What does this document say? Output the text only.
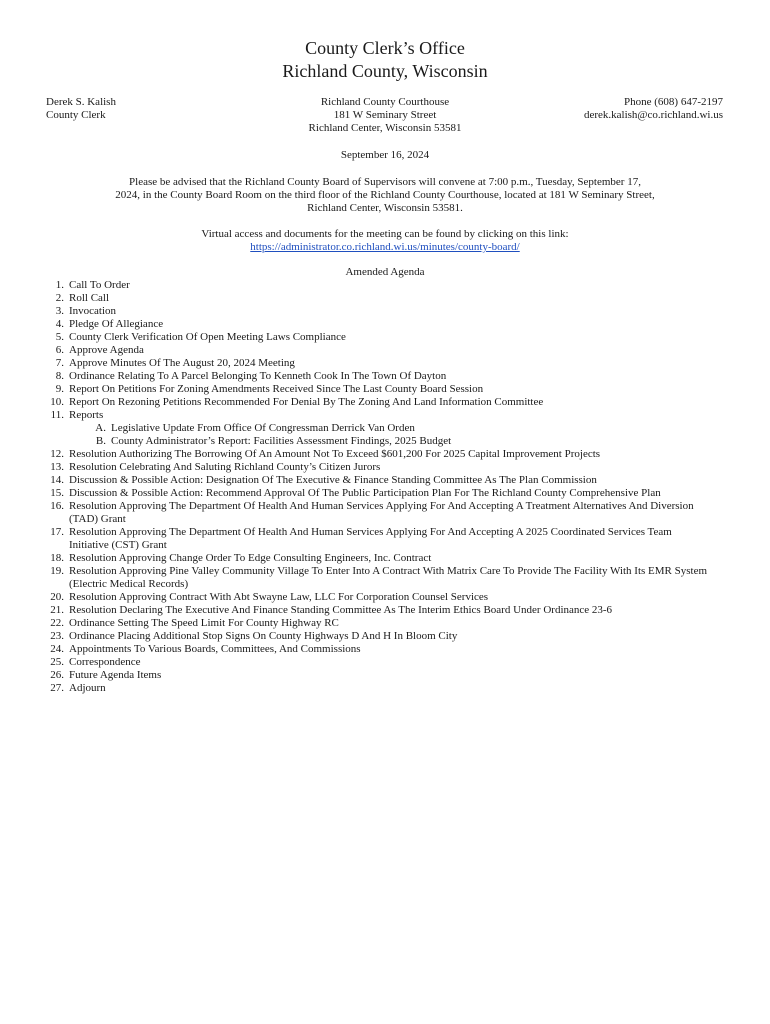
County Clerk’s Office
Richland County, Wisconsin
Derek S. Kalish
County Clerk
Richland County Courthouse
181 W Seminary Street
Richland Center, Wisconsin 53581
Phone (608) 647-2197
derek.kalish@co.richland.wi.us
September 16, 2024
Please be advised that the Richland County Board of Supervisors will convene at 7:00 p.m., Tuesday, September 17,
2024, in the County Board Room on the third floor of the Richland County Courthouse, located at 181 W Seminary Street,
Richland Center, Wisconsin 53581.
Virtual access and documents for the meeting can be found by clicking on this link:
https://administrator.co.richland.wi.us/minutes/county-board/
Amended Agenda
1. Call To Order
2. Roll Call
3. Invocation
4. Pledge Of Allegiance
5. County Clerk Verification Of Open Meeting Laws Compliance
6. Approve Agenda
7. Approve Minutes Of The August 20, 2024 Meeting
8. Ordinance Relating To A Parcel Belonging To Kenneth Cook In The Town Of Dayton
9. Report On Petitions For Zoning Amendments Received Since The Last County Board Session
10. Report On Rezoning Petitions Recommended For Denial By The Zoning And Land Information Committee
11. Reports
A. Legislative Update From Office Of Congressman Derrick Van Orden
B. County Administrator’s Report: Facilities Assessment Findings, 2025 Budget
12. Resolution Authorizing The Borrowing Of An Amount Not To Exceed $601,200 For 2025 Capital Improvement Projects
13. Resolution Celebrating And Saluting Richland County’s Citizen Jurors
14. Discussion & Possible Action: Designation Of The Executive & Finance Standing Committee As The Plan Commission
15. Discussion & Possible Action: Recommend Approval Of The Public Participation Plan For The Richland County Comprehensive Plan
16. Resolution Approving The Department Of Health And Human Services Applying For And Accepting A Treatment Alternatives And Diversion (TAD) Grant
17. Resolution Approving The Department Of Health And Human Services Applying For And Accepting A 2025 Coordinated Services Team Initiative (CST) Grant
18. Resolution Approving Change Order To Edge Consulting Engineers, Inc. Contract
19. Resolution Approving Pine Valley Community Village To Enter Into A Contract With Matrix Care To Provide The Facility With Its EMR System (Electric Medical Records)
20. Resolution Approving Contract With Abt Swayne Law, LLC For Corporation Counsel Services
21. Resolution Declaring The Executive And Finance Standing Committee As The Interim Ethics Board Under Ordinance 23-6
22. Ordinance Setting The Speed Limit For County Highway RC
23. Ordinance Placing Additional Stop Signs On County Highways D And H In Bloom City
24. Appointments To Various Boards, Committees, And Commissions
25. Correspondence
26. Future Agenda Items
27. Adjourn
